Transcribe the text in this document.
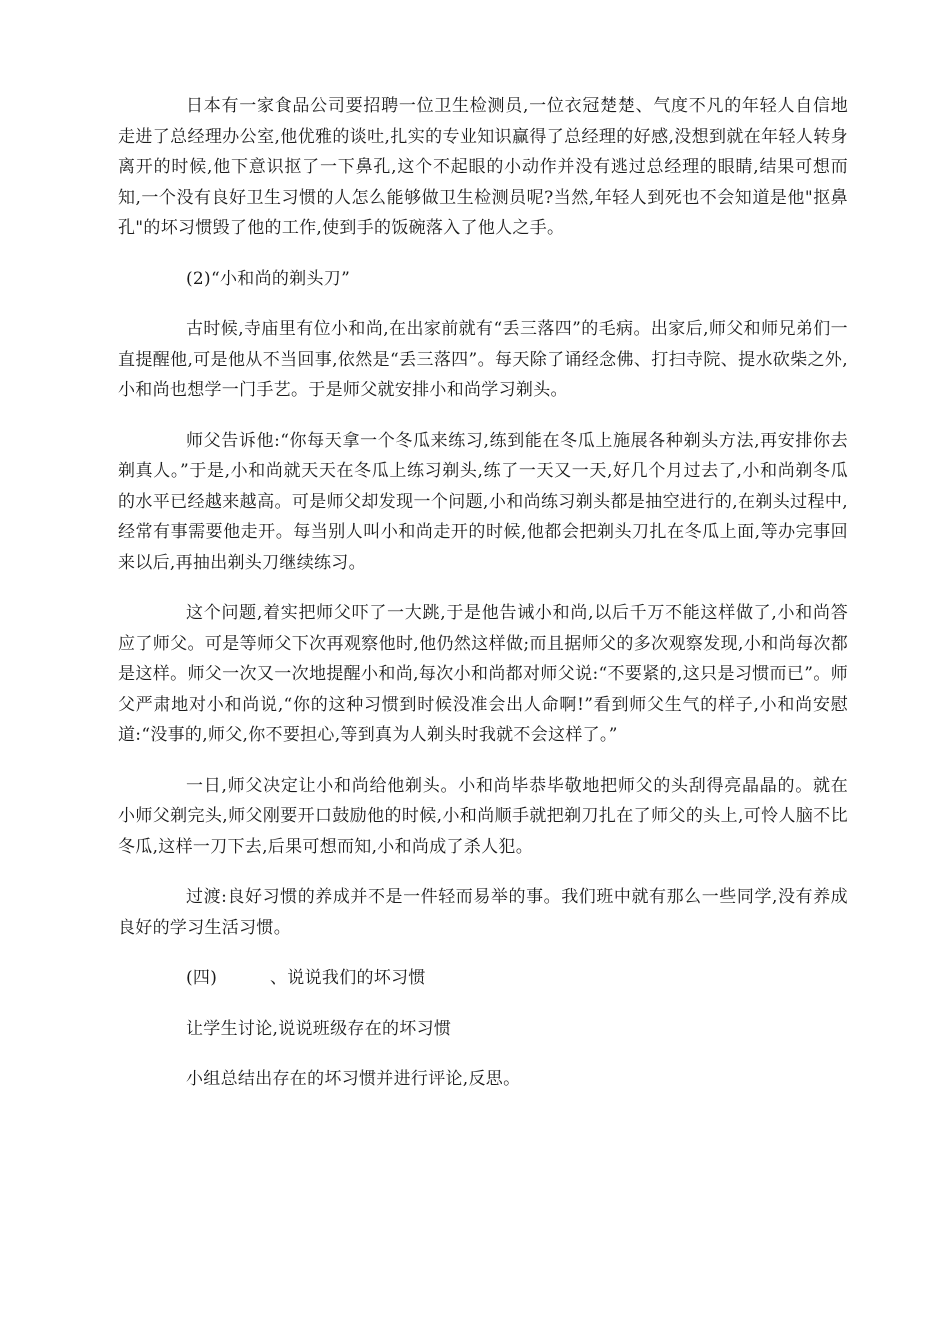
日本有一家食品公司要招聘一位卫生检测员,一位衣冠楚楚、气度不凡的年轻人自信地走进了总经理办公室,他优雅的谈吐,扎实的专业知识赢得了总经理的好感,没想到就在年轻人转身离开的时候,他下意识抠了一下鼻孔,这个不起眼的小动作并没有逃过总经理的眼睛,结果可想而知,一个没有良好卫生习惯的人怎么能够做卫生检测员呢?当然,年轻人到死也不会知道是他"抠鼻孔"的坏习惯毁了他的工作,使到手的饭碗落入了他人之手。

(2)“小和尚的剃头刀”

古时候,寺庙里有位小和尚,在出家前就有“丢三落四”的毛病。出家后,师父和师兄弟们一直提醒他,可是他从不当回事,依然是“丢三落四”。每天除了诵经念佛、打扫寺院、提水砍柴之外,小和尚也想学一门手艺。于是师父就安排小和尚学习剃头。

师父告诉他:“你每天拿一个冬瓜来练习,练到能在冬瓜上施展各种剃头方法,再安排你去剃真人。”于是,小和尚就天天在冬瓜上练习剃头,练了一天又一天,好几个月过去了,小和尚剃冬瓜的水平已经越来越高。可是师父却发现一个问题,小和尚练习剃头都是抽空进行的,在剃头过程中,经常有事需要他走开。每当别人叫小和尚走开的时候,他都会把剃头刀扎在冬瓜上面,等办完事回来以后,再抽出剃头刀继续练习。

这个问题,着实把师父吓了一大跳,于是他告诫小和尚,以后千万不能这样做了,小和尚答应了师父。可是等师父下次再观察他时,他仍然这样做;而且据师父的多次观察发现,小和尚每次都是这样。师父一次又一次地提醒小和尚,每次小和尚都对师父说:“不要紧的,这只是习惯而已”。师父严肃地对小和尚说,“你的这种习惯到时候没准会出人命啊!”看到师父生气的样子,小和尚安慰道:“没事的,师父,你不要担心,等到真为人剃头时我就不会这样了。”

一日,师父决定让小和尚给他剃头。小和尚毕恭毕敬地把师父的头刮得亮晶晶的。就在小师父剃完头,师父刚要开口鼓励他的时候,小和尚顺手就把剃刀扎在了师父的头上,可怜人脑不比冬瓜,这样一刀下去,后果可想而知,小和尚成了杀人犯。

过渡:良好习惯的养成并不是一件轻而易举的事。我们班中就有那么一些同学,没有养成良好的学习生活习惯。

(四)	、说说我们的坏习惯

让学生讨论,说说班级存在的坏习惯

小组总结出存在的坏习惯并进行评论,反思。
